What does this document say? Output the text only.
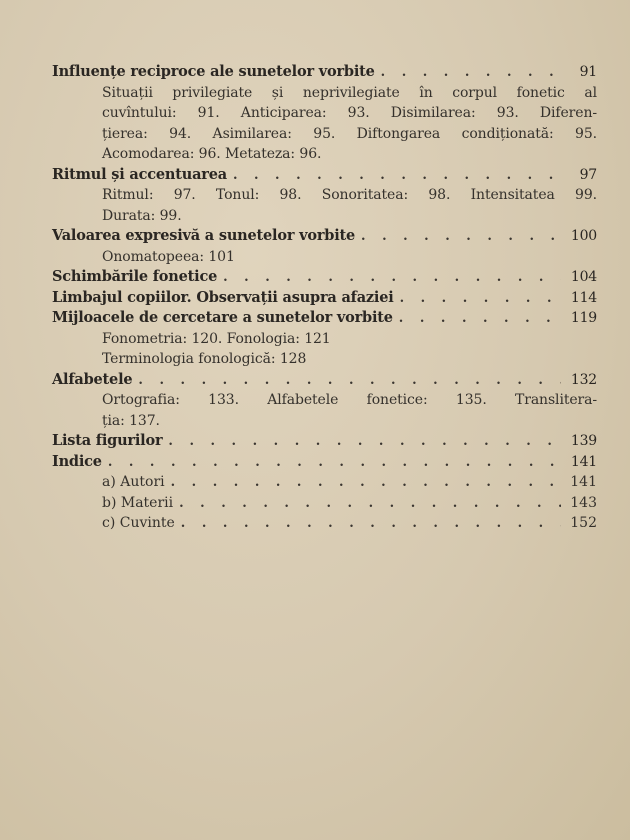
Influențe reciproce ale sunetelor vorbite . . .	91
Situații privilegiate și neprivilegiate în corpul fonetic al
cuvîntului: 91. Anticiparea: 93. Disimilarea: 93. Diferen-
țierea: 94. Asimilarea: 95. Diftongarea condiționată: 95.
Acomodarea: 96. Metateza: 96.
Ritmul și accentuarea . . .	97
Ritmul: 97. Tonul: 98. Sonoritatea: 98. Intensitatea 99.
Durata: 99.
Valoarea expresivă a sunetelor vorbite . . .	100
Onomatopeea: 101
Schimbările fonetice . . .	104
Limbajul copiilor. Observații asupra afaziei . . .	114
Mijloacele de cercetare a sunetelor vorbite . . .	119
Fonometria: 120. Fonologia: 121
Terminologia fonologică: 128
Alfabetele . . .	132
Ortografia: 133. Alfabetele fonetice: 135. Translitera-
ția: 137.
Lista figurilor . . .	139
Indice . . .	141
a) Autori . . .	141
b) Materii . . .	143
c) Cuvinte . . .	152
